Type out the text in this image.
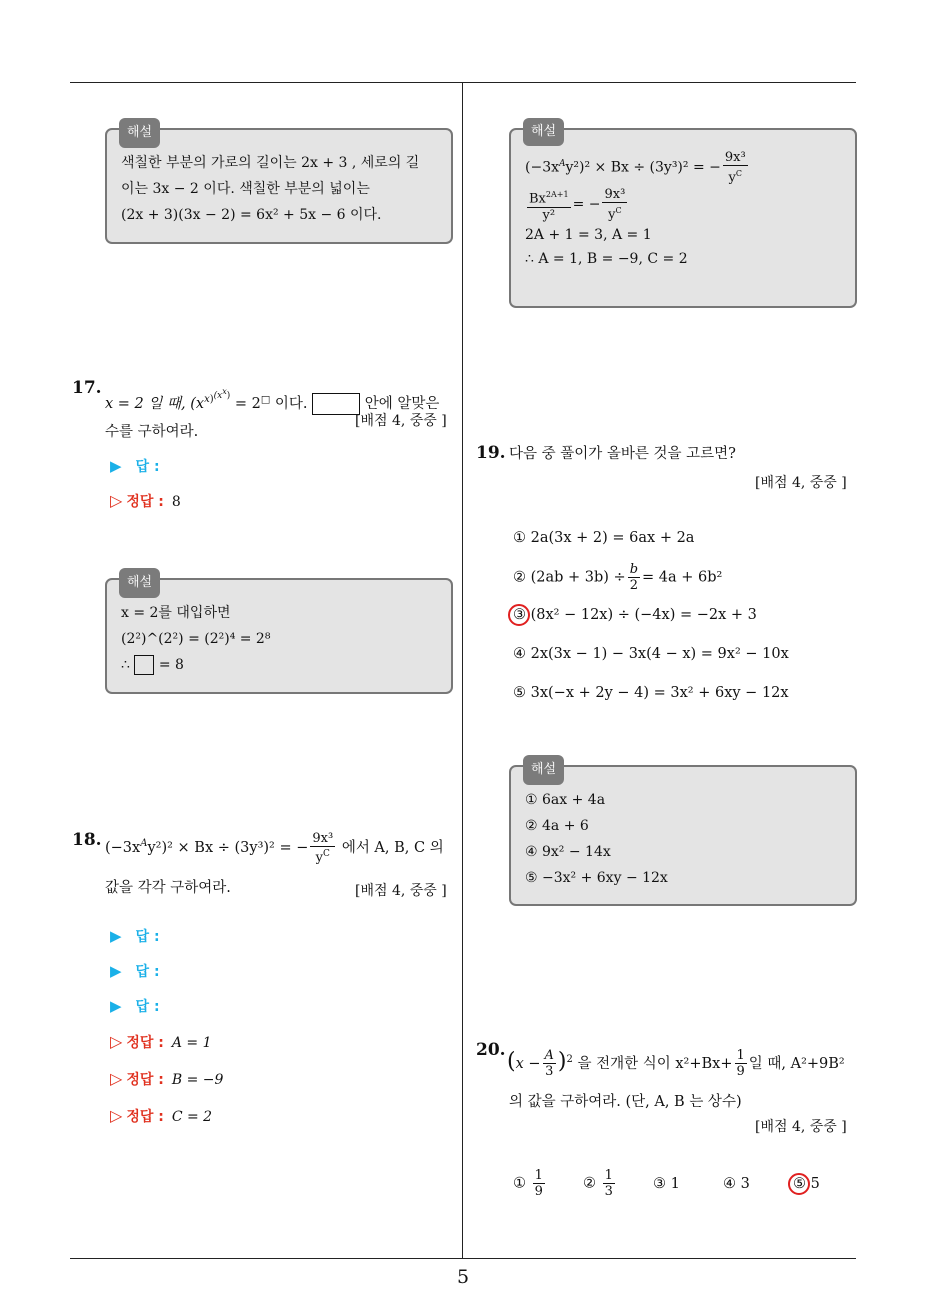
5
해설
색칠한 부분의 가로의 길이는 2x + 3 , 세로의 길
이는 3x − 2 이다. 색칠한 부분의 넓이는
(2x + 3)(3x − 2) = 6x² + 5x − 6 이다.
17.
x = 2 일 때, ($x^{x)^{(x^x)}} = 2^□$ 이다.	안에 알맞은
수를 구하여라.
[배점 4, 중중 ]
▶ 답 :
▷ 정답 : 8
해설
x = 2를 대입하면
(2²)^(2²) = (2²)⁴ = 2⁸
∴ = 8
18. $(-3x^Ay^2)^2 \times Bx \div (3y^3)^2$ = − $\frac{\text{9x³}}{y^C}$ 에서 A, B, C 의
값을 각각 구하여라.	[배점 4, 중중 ]
▶ 답 :
▶ 답 :
▶ 답 :
▷ 정답 : A = 1
▷ 정답 : B = −9
▷ 정답 : C = 2
해설
$(-3x^Ay^2)^2 \times Bx \div (3y^3)^2$ = − $\frac{\text{9x³}}{y^C}$
$\frac{Bx^{2A+1}}{\text{y²}}$ = − $\frac{\text{9x³}}{y^C}$
2A + 1 = 3, A = 1
∴ A = 1, B = −9, C = 2
19. 다음 중 풀이가 올바른 것을 고르면?
[배점 4, 중중 ]
① 2a(3x + 2) = 6ax + 2a
② $(2ab + 3b) \div \frac{b}{2} = 4a + 6b^2$
③ (8x² − 12x) ÷ (−4x) = −2x + 3
④ 2x(3x − 1) − 3x(4 − x) = 9x² − 10x
⑤ 3x(−x + 2y − 4) = 3x² + 6xy − 12x
해설
① 6ax + 4a
② 4a + 6
④ 9x² − 14x
⑤ −3x² + 6xy − 12x
20. $(x - \frac{A}{3} )^2$ 을 전개한 식이 $x^2+Bx+ \frac{1}{9}$ 일 때, A²+9B²
의 값을 구하여라. (단, A, B 는 상수)
[배점 4, 중중 ]
① $\frac{1}{9}$	② $\frac{1}{3}$	③ 1	④ 3	⑤ 5
